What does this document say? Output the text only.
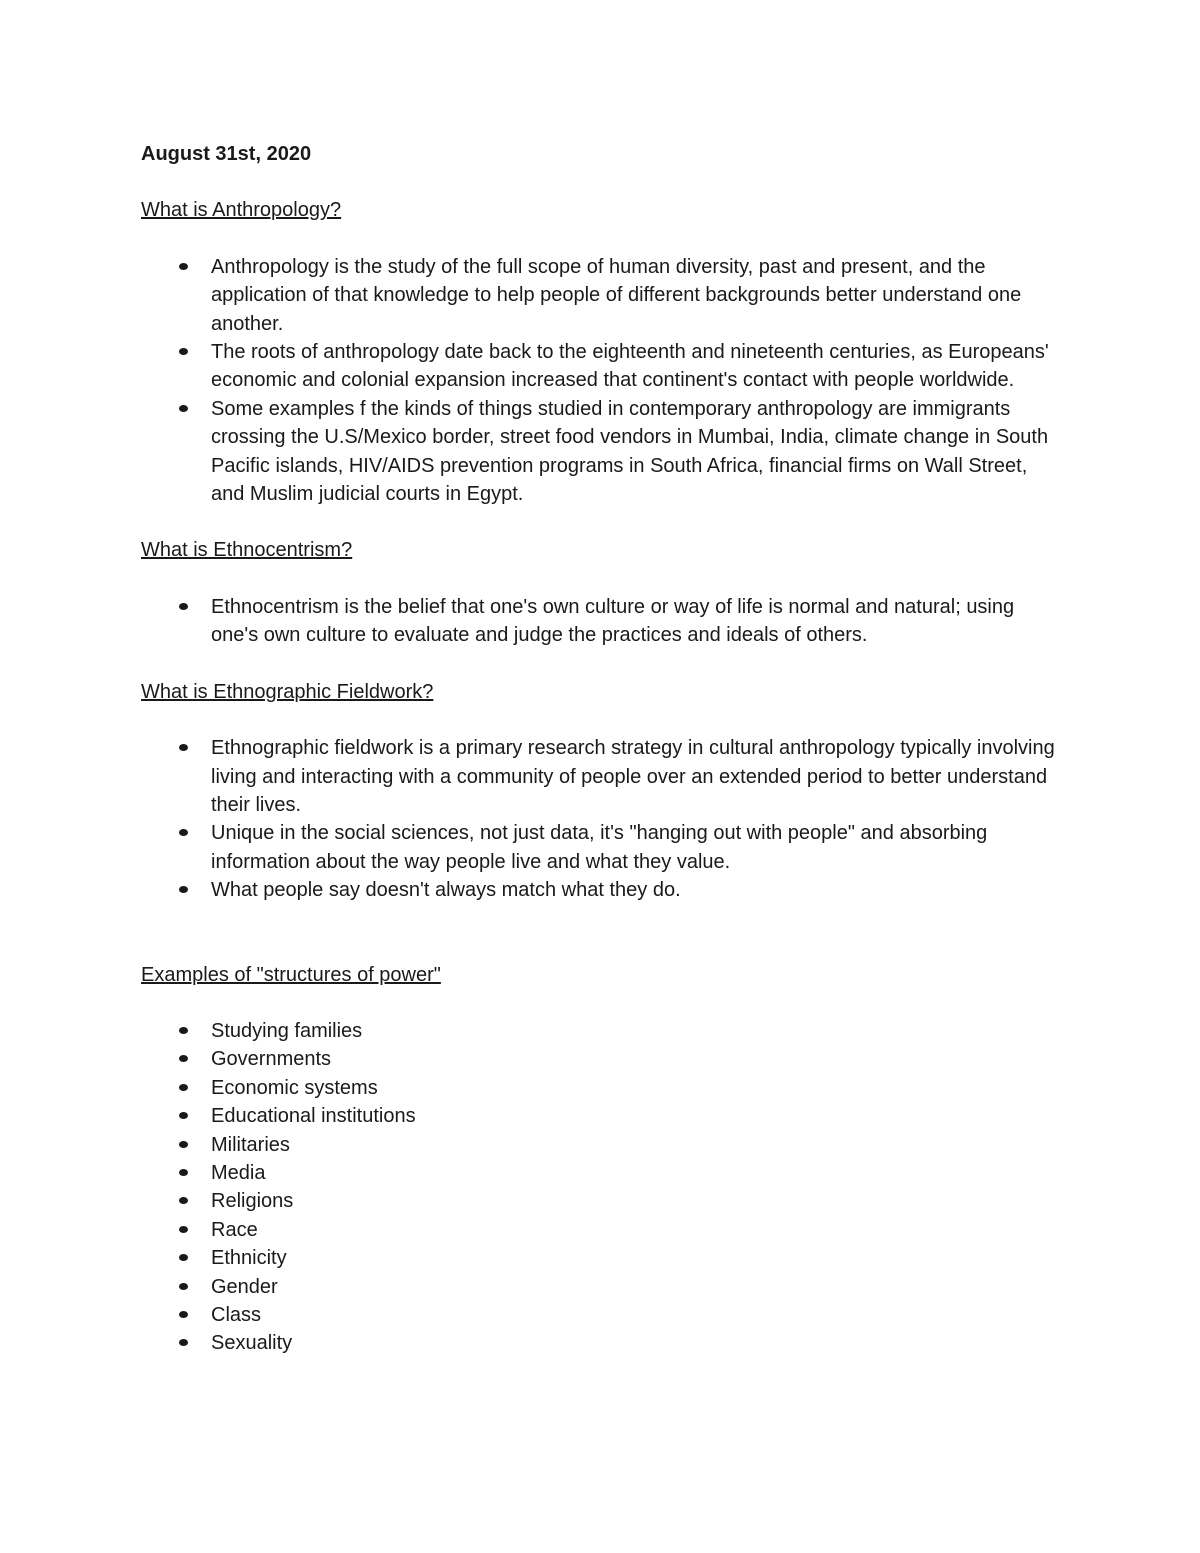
August 31st, 2020

What is Anthropology?
Anthropology is the study of the full scope of human diversity, past and present, and the application of that knowledge to help people of different backgrounds better understand one another.
The roots of anthropology date back to the eighteenth and nineteenth centuries, as Europeans' economic and colonial expansion increased that continent's contact with people worldwide.
Some examples f the kinds of things studied in contemporary anthropology are immigrants crossing the U.S/Mexico border, street food vendors in Mumbai, India, climate change in South Pacific islands, HIV/AIDS prevention programs in South Africa, financial firms on Wall Street, and Muslim judicial courts in Egypt.
What is Ethnocentrism?
Ethnocentrism is the belief that one's own culture or way of life is normal and natural; using one's own culture to evaluate and judge the practices and ideals of others.
What is Ethnographic Fieldwork?
Ethnographic fieldwork is a primary research strategy in cultural anthropology typically involving living and interacting with a community of people over an extended period to better understand their lives.
Unique in the social sciences, not just data, it's "hanging out with people" and absorbing information about the way people live and what they value.
What people say doesn't always match what they do.
Examples of "structures of power"
Studying families
Governments
Economic systems
Educational institutions
Militaries
Media
Religions
Race
Ethnicity
Gender
Class
Sexuality
